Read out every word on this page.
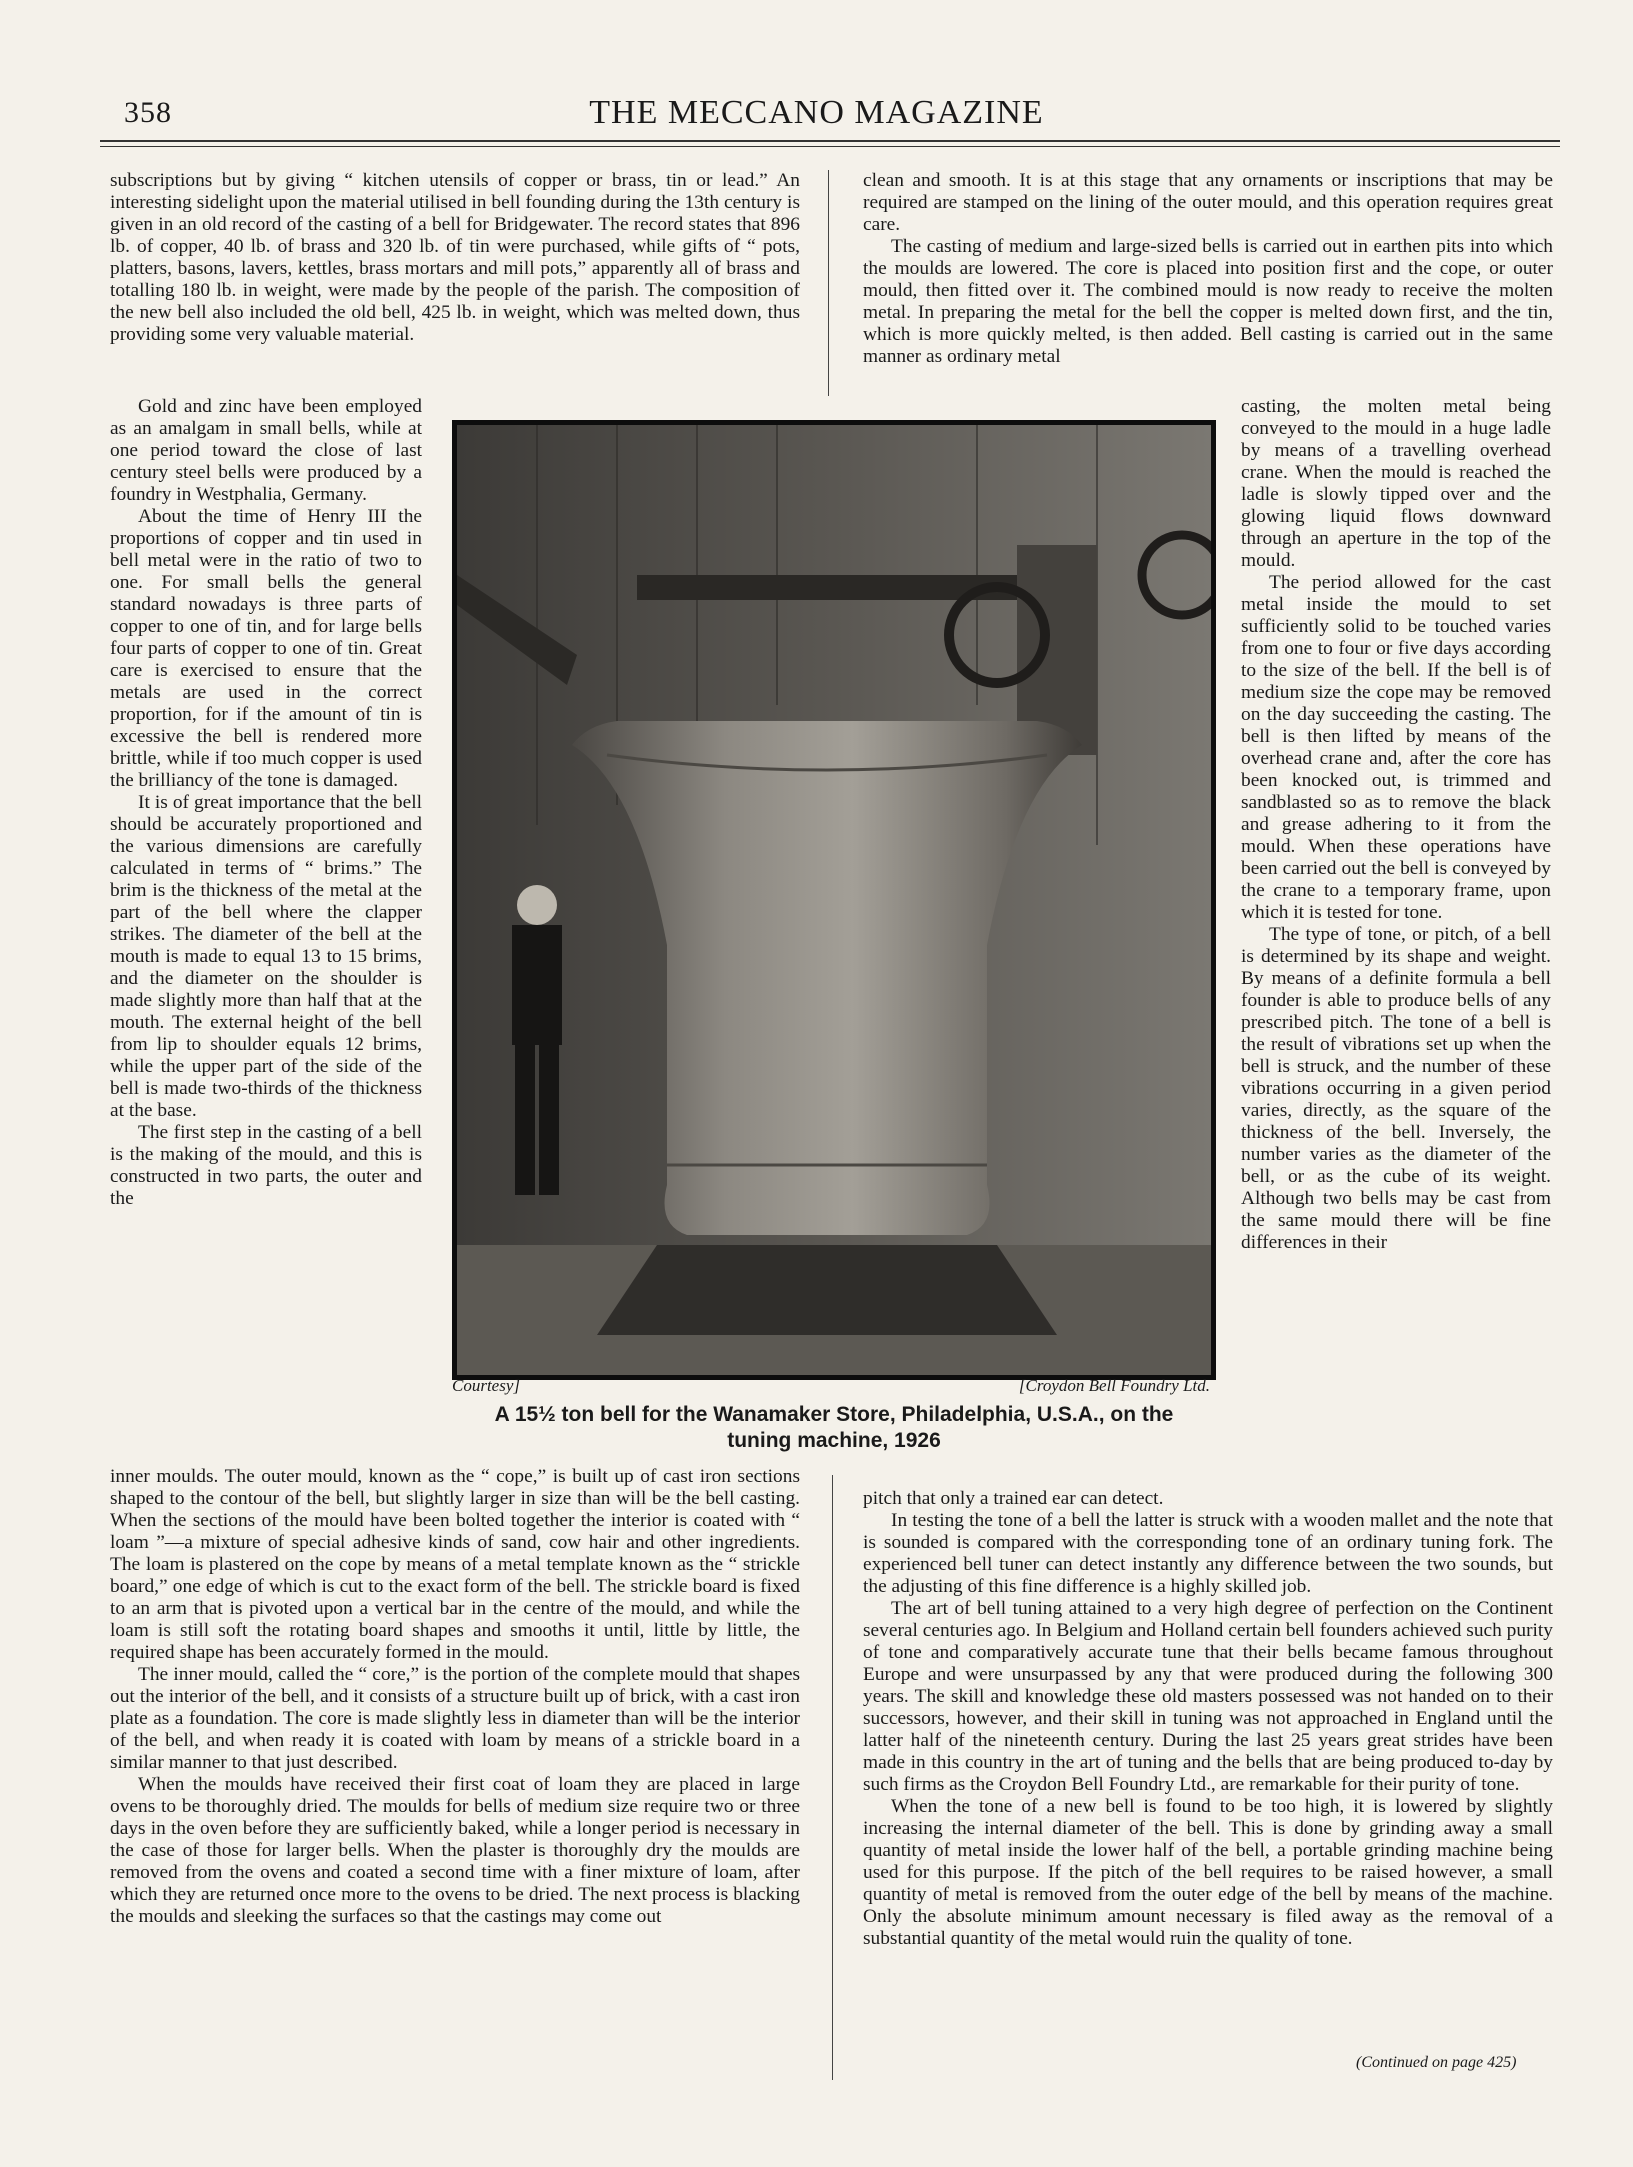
358	THE MECCANO MAGAZINE

subscriptions but by giving “ kitchen utensils of copper or brass, tin or lead.” An interesting sidelight upon the material utilised in bell founding during the 13th century is given in an old record of the casting of a bell for Bridgewater. The record states that 896 lb. of copper, 40 lb. of brass and 320 lb. of tin were purchased, while gifts of “ pots, platters, basons, lavers, kettles, brass mortars and mill pots,” apparently all of brass and totalling 180 lb. in weight, were made by the people of the parish. The composition of the new bell also included the old bell, 425 lb. in weight, which was melted down, thus providing some very valuable material.

clean and smooth. It is at this stage that any ornaments or inscriptions that may be required are stamped on the lining of the outer mould, and this operation requires great care.

The casting of medium and large-sized bells is carried out in earthen pits into which the moulds are lowered. The core is placed into position first and the cope, or outer mould, then fitted over it. The combined mould is now ready to receive the molten metal. In preparing the metal for the bell the copper is melted down first, and the tin, which is more quickly melted, is then added. Bell casting is carried out in the same manner as ordinary metal

Gold and zinc have been employed as an amalgam in small bells, while at one period toward the close of last century steel bells were produced by a foundry in Westphalia, Germany.

About the time of Henry III the proportions of copper and tin used in bell metal were in the ratio of two to one. For small bells the general standard nowadays is three parts of copper to one of tin, and for large bells four parts of copper to one of tin. Great care is exercised to ensure that the metals are used in the correct proportion, for if the amount of tin is excessive the bell is rendered more brittle, while if too much copper is used the brilliancy of the tone is damaged.

It is of great importance that the bell should be accurately proportioned and the various dimensions are carefully calculated in terms of “ brims.” The brim is the thickness of the metal at the part of the bell where the clapper strikes. The diameter of the bell at the mouth is made to equal 13 to 15 brims, and the diameter on the shoulder is made slightly more than half that at the mouth. The external height of the bell from lip to shoulder equals 12 brims, while the upper part of the side of the bell is made two-thirds of the thickness at the base.

The first step in the casting of a bell is the making of the mould, and this is constructed in two parts, the outer and the

casting, the molten metal being conveyed to the mould in a huge ladle by means of a travelling overhead crane. When the mould is reached the ladle is slowly tipped over and the glowing liquid flows downward through an aperture in the top of the mould.

The period allowed for the cast metal inside the mould to set sufficiently solid to be touched varies from one to four or five days according to the size of the bell. If the bell is of medium size the cope may be removed on the day succeeding the casting. The bell is then lifted by means of the overhead crane and, after the core has been knocked out, is trimmed and sandblasted so as to remove the black and grease adhering to it from the mould. When these operations have been carried out the bell is conveyed by the crane to a temporary frame, upon which it is tested for tone.

The type of tone, or pitch, of a bell is determined by its shape and weight. By means of a definite formula a bell founder is able to produce bells of any prescribed pitch. The tone of a bell is the result of vibrations set up when the bell is struck, and the number of these vibrations occurring in a given period varies, directly, as the square of the thickness of the bell. Inversely, the number varies as the diameter of the bell, or as the cube of its weight. Although two bells may be cast from the same mould there will be fine differences in their

Courtesy]	[Croydon Bell Foundry Ltd.
A 15½ ton bell for the Wanamaker Store, Philadelphia, U.S.A., on the
tuning machine, 1926

inner moulds. The outer mould, known as the “ cope,” is built up of cast iron sections shaped to the contour of the bell, but slightly larger in size than will be the bell casting. When the sections of the mould have been bolted together the interior is coated with “ loam ”—a mixture of special adhesive kinds of sand, cow hair and other ingredients. The loam is plastered on the cope by means of a metal template known as the “ strickle board,” one edge of which is cut to the exact form of the bell. The strickle board is fixed to an arm that is pivoted upon a vertical bar in the centre of the mould, and while the loam is still soft the rotating board shapes and smooths it until, little by little, the required shape has been accurately formed in the mould.

The inner mould, called the “ core,” is the portion of the complete mould that shapes out the interior of the bell, and it consists of a structure built up of brick, with a cast iron plate as a foundation. The core is made slightly less in diameter than will be the interior of the bell, and when ready it is coated with loam by means of a strickle board in a similar manner to that just described.

When the moulds have received their first coat of loam they are placed in large ovens to be thoroughly dried. The moulds for bells of medium size require two or three days in the oven before they are sufficiently baked, while a longer period is necessary in the case of those for larger bells. When the plaster is thoroughly dry the moulds are removed from the ovens and coated a second time with a finer mixture of loam, after which they are returned once more to the ovens to be dried. The next process is blacking the moulds and sleeking the surfaces so that the castings may come out

pitch that only a trained ear can detect.

In testing the tone of a bell the latter is struck with a wooden mallet and the note that is sounded is compared with the corresponding tone of an ordinary tuning fork. The experienced bell tuner can detect instantly any difference between the two sounds, but the adjusting of this fine difference is a highly skilled job.

The art of bell tuning attained to a very high degree of perfection on the Continent several centuries ago. In Belgium and Holland certain bell founders achieved such purity of tone and comparatively accurate tune that their bells became famous throughout Europe and were unsurpassed by any that were produced during the following 300 years. The skill and knowledge these old masters possessed was not handed on to their successors, however, and their skill in tuning was not approached in England until the latter half of the nineteenth century. During the last 25 years great strides have been made in this country in the art of tuning and the bells that are being produced to-day by such firms as the Croydon Bell Foundry Ltd., are remarkable for their purity of tone.

When the tone of a new bell is found to be too high, it is lowered by slightly increasing the internal diameter of the bell. This is done by grinding away a small quantity of metal inside the lower half of the bell, a portable grinding machine being used for this purpose. If the pitch of the bell requires to be raised however, a small quantity of metal is removed from the outer edge of the bell by means of the machine. Only the absolute minimum amount necessary is filed away as the removal of a substantial quantity of the metal would ruin the quality of tone.

(Continued on page 425)
